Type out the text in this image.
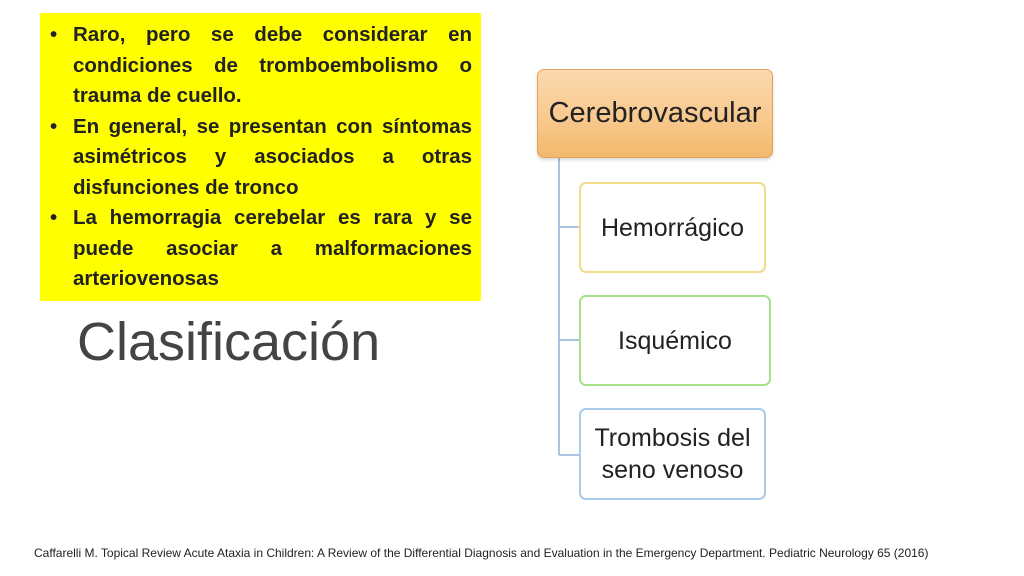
• Raro, pero se debe considerar en condiciones de tromboembolismo o trauma de cuello.
• En general, se presentan con síntomas asimétricos y asociados a otras disfunciones de tronco
• La hemorragia cerebelar es rara y se puede asociar a malformaciones arteriovenosas
Clasificación
Cerebrovascular
Hemorrágico
Isquémico
Trombosis del seno venoso
Caffarelli M. Topical Review Acute Ataxia in Children: A Review of the Differential Diagnosis and Evaluation in the Emergency Department. Pediatric Neurology 65 (2016)
